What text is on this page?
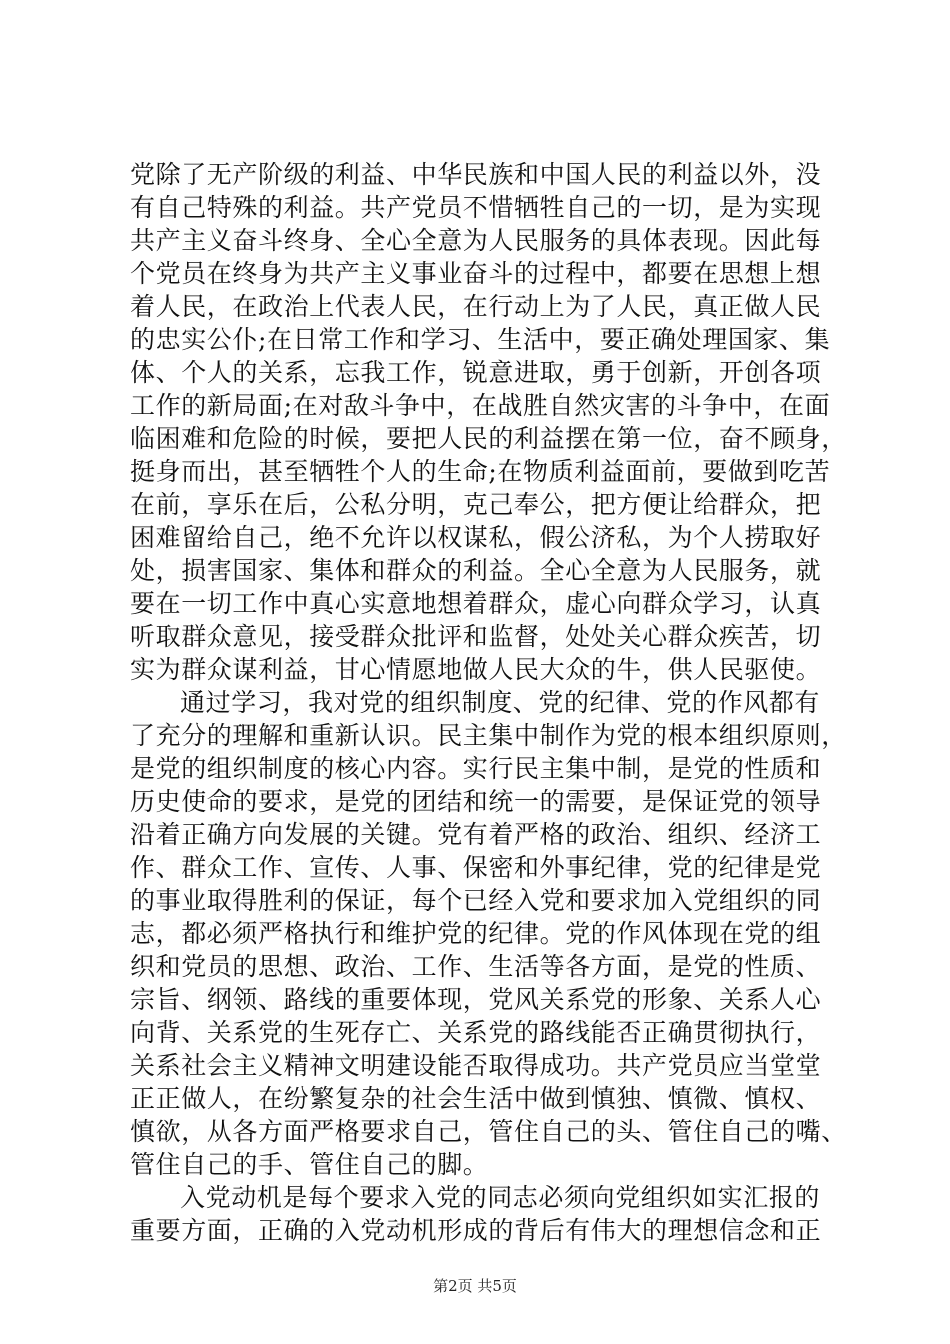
党除了无产阶级的利益、中华民族和中国人民的利益以外，没
有自己特殊的利益。共产党员不惜牺牲自己的一切，是为实现
共产主义奋斗终身、全心全意为人民服务的具体表现。因此每
个党员在终身为共产主义事业奋斗的过程中，都要在思想上想
着人民，在政治上代表人民，在行动上为了人民，真正做人民
的忠实公仆;在日常工作和学习、生活中，要正确处理国家、集
体、个人的关系，忘我工作，锐意进取，勇于创新，开创各项
工作的新局面;在对敌斗争中，在战胜自然灾害的斗争中，在面
临困难和危险的时候，要把人民的利益摆在第一位，奋不顾身，
挺身而出，甚至牺牲个人的生命;在物质利益面前，要做到吃苦
在前，享乐在后，公私分明，克己奉公，把方便让给群众，把
困难留给自己，绝不允许以权谋私，假公济私，为个人捞取好
处，损害国家、集体和群众的利益。全心全意为人民服务，就
要在一切工作中真心实意地想着群众，虚心向群众学习，认真
听取群众意见，接受群众批评和监督，处处关心群众疾苦，切
实为群众谋利益，甘心情愿地做人民大众的牛，供人民驱使。
通过学习，我对党的组织制度、党的纪律、党的作风都有
了充分的理解和重新认识。民主集中制作为党的根本组织原则，
是党的组织制度的核心内容。实行民主集中制，是党的性质和
历史使命的要求，是党的团结和统一的需要，是保证党的领导
沿着正确方向发展的关键。党有着严格的政治、组织、经济工
作、群众工作、宣传、人事、保密和外事纪律，党的纪律是党
的事业取得胜利的保证，每个已经入党和要求加入党组织的同
志，都必须严格执行和维护党的纪律。党的作风体现在党的组
织和党员的思想、政治、工作、生活等各方面，是党的性质、
宗旨、纲领、路线的重要体现，党风关系党的形象、关系人心
向背、关系党的生死存亡、关系党的路线能否正确贯彻执行，
关系社会主义精神文明建设能否取得成功。共产党员应当堂堂
正正做人，在纷繁复杂的社会生活中做到慎独、慎微、慎权、
慎欲，从各方面严格要求自己，管住自己的头、管住自己的嘴、
管住自己的手、管住自己的脚。
入党动机是每个要求入党的同志必须向党组织如实汇报的
重要方面，正确的入党动机形成的背后有伟大的理想信念和正
第2页 共5页
